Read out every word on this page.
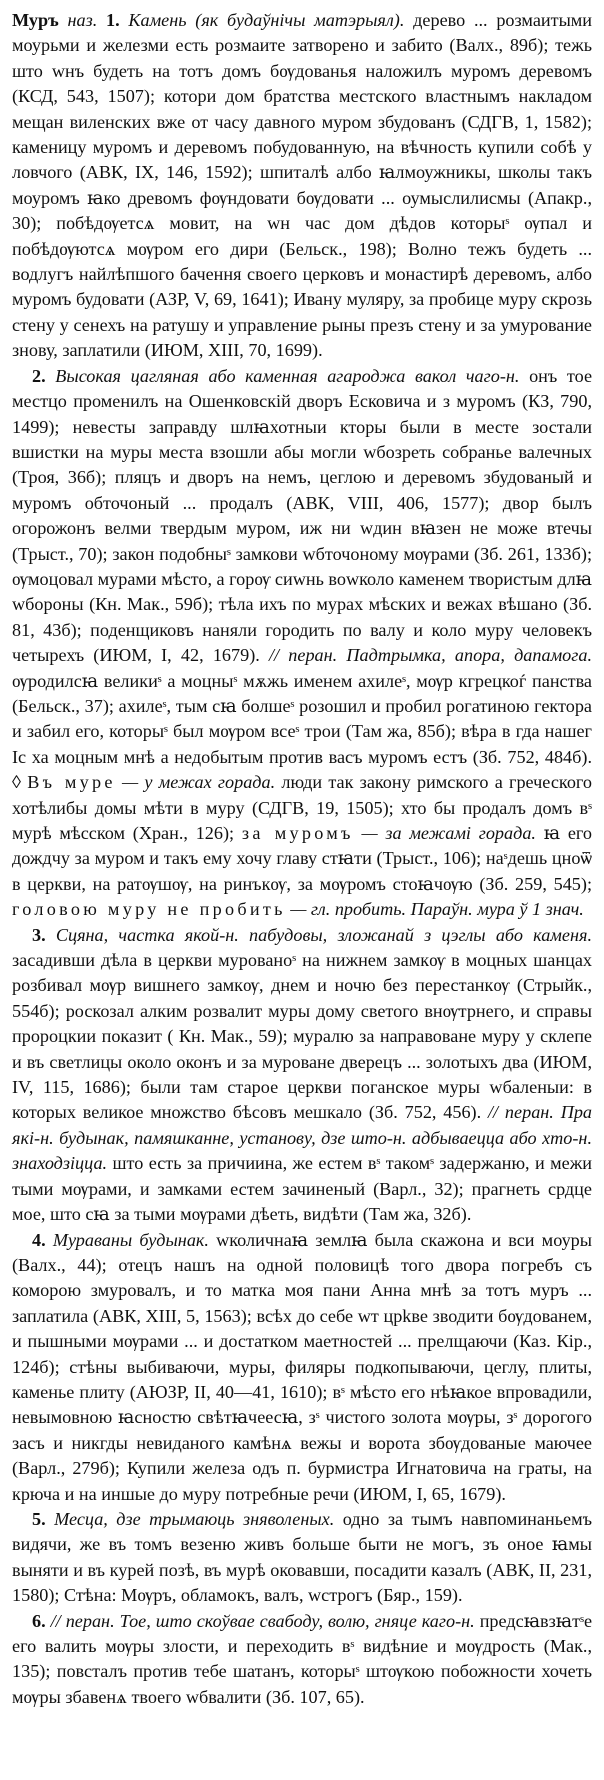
Муръ наз. 1. Камень (як будаўнічы матэрыял). дерево ... розмаитыми моурьми и железми есть розмаите затворено и забито (Валх., 89б); тежь што wнъ будеть на тотъ домъ бѹдованья наложилъ муромъ деревомъ (КСД, 543, 1507); котори дом братства местского властнымъ накладом мещан виленских вже от часу давного муром збудованъ (СДГВ, 1, 1582); каменицу муромъ и деревомъ побудованную, на вѣчность купили собѣ у ловчого (АВК, IX, 146, 1592); шпиталѣ албо ꙗлмоужникы, школы такъ моуромъ ꙗко древомъ фѹндовати бѹдовати ... оумыслилисмы (Апакр., 30); побѣдѹетсѧ мовит, на wн час дом дѣдов которыˢ ѹпал и побѣдѹютсѧ мѹром его дири (Бельск., 198); Волно тежъ будеть ... водлугъ найлѣпшого бачення своего церковъ и монастирѣ деревомъ, албо муромъ будовати (АЗР, V, 69, 1641); Ивану муляру, за пробице муру скрозь стену у сенехъ на ратушу и управление рыны презъ стену и за умурование знову, заплатили (ИЮМ, XIII, 70, 1699).

2. Высокая цагляная або каменная агароджа вакол чаго-н. онъ тое местцо променилъ на Ошенковскій дворъ Есковича и з муромъ (КЗ, 790, 1499); невесты заправду шлꙗхотныи кторы были в месте зостали вшистки на муры места взошли абы могли wбозреть собранье валечных (Троя, 36б); пляцъ и дворъ на немъ, цеглою и деревомъ збудованый и муромъ обточоный ... продалъ (АВК, VIII, 406, 1577); двор былъ огорожонъ велми твердым муром, иж ни wдин вꙗзен не може втечы (Трыст., 70); закон подобныˢ замкови wбточоному мѹрами (Зб. 261, 133б); ѹмоцовал мурами мѣсто, а горѹ сиwнь воwколо каменем твористым длꙗ wбороны (Кн. Мак., 59б); тѣла ихъ по мурах мѣских и вежах вѣшано (Зб. 81, 43б); поденщиковъ наняли городить по валу и коло муру человекъ четырехъ (ИЮМ, I, 42, 1679). // перан. Падтрымка, апора, дапамога. ѹродилсꙗ великиˢ а моцныˢ мѫжь именем ахилеˢ, мѹр кгрецкоѓ панства (Бельск., 37); ахилеˢ, тым сꙗ болшеˢ розошил и пробил рогатиною гектора и забил его, которыˢ был мѹром всеˢ трои (Там жа, 85б); вѣра в гда нашег Іс ха моцным мнѣ а недобытым против васъ муромъ естъ (Зб. 752, 484б). ◊ Въ муре — у межах горада. люди так законy римского а греческого хотѣлибы домы мѣти в муру (СДГВ, 19, 1505); хто бы продалъ домъ вˢ мурѣ мѣсском (Хран., 126); за муромъ — за межамі горада. ꙗ его дождчу за муром и такъ ему хочу главу стꙗти (Трыст., 106); наˢдешь цноѿ в церкви, на ратѹшѹ, на ринъкѹ, за мѹромъ стоꙗчѹю (Зб. 259, 545); головою муру не пробить — гл. пробить. Параўн. мура ў 1 знач.

3. Сцяна, частка якой-н. пабудовы, зложанай з цэглы або каменя. засадивши дѣла в церкви мурованоˢ на нижнем замкѹ в моцных шанцах розбивал мѹр вишнего замкѹ, днем и ночю без перестанкѹ (Стрыйк., 554б); роскозал алким розвалит муры дому светого внѹтрнего, и справы пророцкии показит ( Кн. Мак., 59); муралю за направоване муру у склепе и въ светлицы около оконъ и за мурованe дверецъ ... золотыхъ два (ИЮМ, IV, 115, 1686); были там старое церкви поганское муры wбаленыи: в которых великое множство бѣсовъ мешкало (Зб. 752, 456). // перан. Пра які-н. будынак, памяшканне, установу, дзе што-н. адбываецца або хто-н. знаходзіцца. што есть за причиина, же естем вˢ такомˢ задержаню, и межи тыми мѹрами, и замками естем зачиненый (Варл., 32); прагнеть срдце мое, што сꙗ за тыми мѹрами дѣеть, видѣти (Там жа, 32б).

4. Мураваны будынак. wколичнаꙗ землꙗ была скажона и вси моуры (Валх., 44); отецъ нашъ на одной половицѣ того двора погребъ съ коморою змуровалъ, и то матка моя пани Анна мнѣ за тотъ муръ ... заплатила (АВК, XIII, 5, 1563); всѣх до себе wт црkве зводити бѹдованем, и пышными мѹрами ... и достатком маетностей ... прелщаючи (Каз. Кір., 124б); стѣны выбиваючи, муры, филяры подкопываючи, цеглу, плиты, каменье плиту (АЮЗР, II, 40—41, 1610); вˢ мѣсто его нѣꙗкое впровадили, невымовною ꙗсностю свѣтꙗчеесꙗ, зˢ чистого золота мѹры, зˢ дорогого засъ и никгды невиданого камѣнѧ вежы и ворота збѹдованые маючее (Варл., 279б); Купили железа одъ п. бурмистра Игнатовича на граты, на крюча и на иншые до муру потребные речи (ИЮМ, I, 65, 1679).

5. Месца, дзе трымаюць зняволеных. одно за тымъ навпоминаньемъ видячи, же въ томъ везеню живъ больше быти не могъ, зъ оное ꙗмы выняти и въ курей позѣ, въ мурѣ оковавши, посадити казалъ (АВК, II, 231, 1580); Стѣна: Мѹръ, обламокъ, валъ, wстрогъ (Бяр., 159).

6. // перан. Тое, што скоўвае свабоду, волю, гняце каго-н. предсꙗвзꙗтˢе его валить мѹры злости, и переходить вˢ видѣние и мѹдрость (Мак., 135); повсталъ против тебе шатанъ, которыˢ штѹкою побожности хочеть мѹры збавенѧ твоего wбвалити (Зб. 107, 65).
